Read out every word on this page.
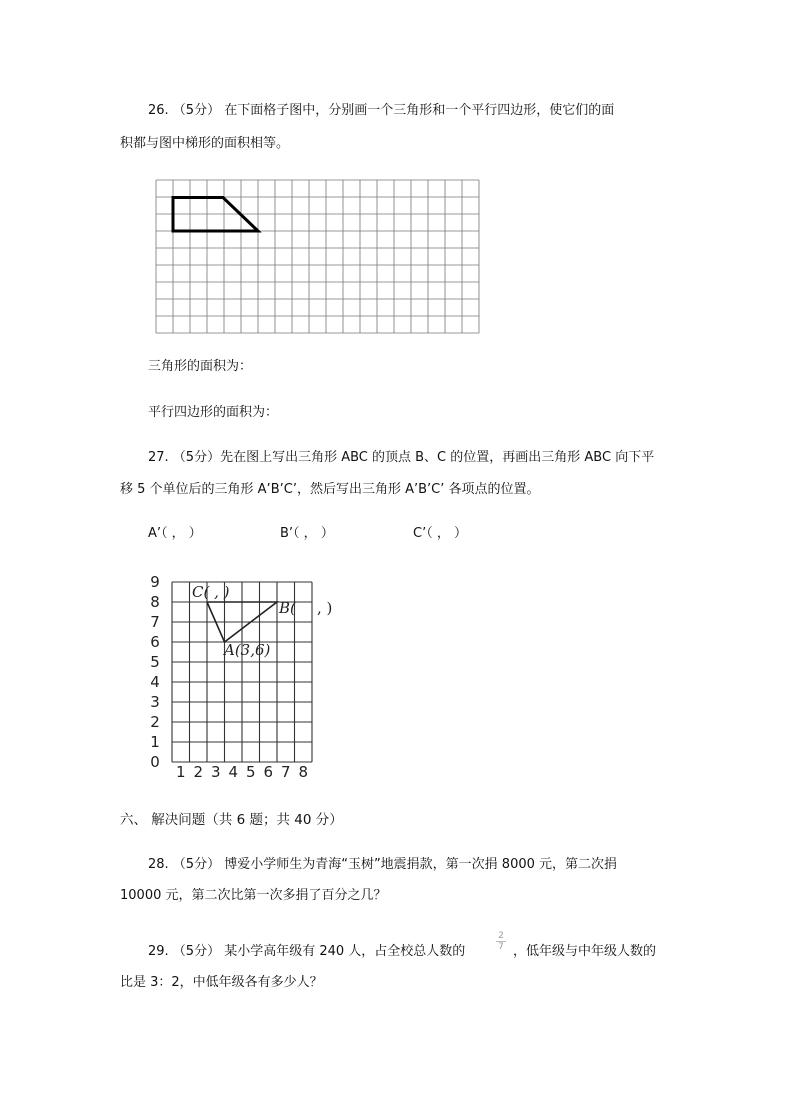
26. （5分） 在下面格子图中，分别画一个三角形和一个平行四边形，使它们的面
积都与图中梯形的面积相等。
三角形的面积为：
平行四边形的面积为：
27. （5分）先在图上写出三角形 ABC 的顶点 B、C 的位置，再画出三角形 ABC 向下平
移 5 个单位后的三角形 A’B’C’，然后写出三角形 A’B’C’ 各项点的位置。
A’（ ， ）	B’（ ， ）	C’（ ， ）
0
1
2
3
4
5
6
7
8
9
1 2 3 4 5 6 7 8
C( , )
B( , )
A(3,6)
六、 解决问题（共 6 题；共 40 分）
28. （5分） 博爱小学师生为青海“玉树”地震捐款，第一次捐 8000 元，第二次捐
10000 元，第二次比第一次多捐了百分之几？
29. （5分） 某小学高年级有 240 人，占全校总人数的
2
7 ，低年级与中年级人数的
比是 3：2，中低年级各有多少人？
